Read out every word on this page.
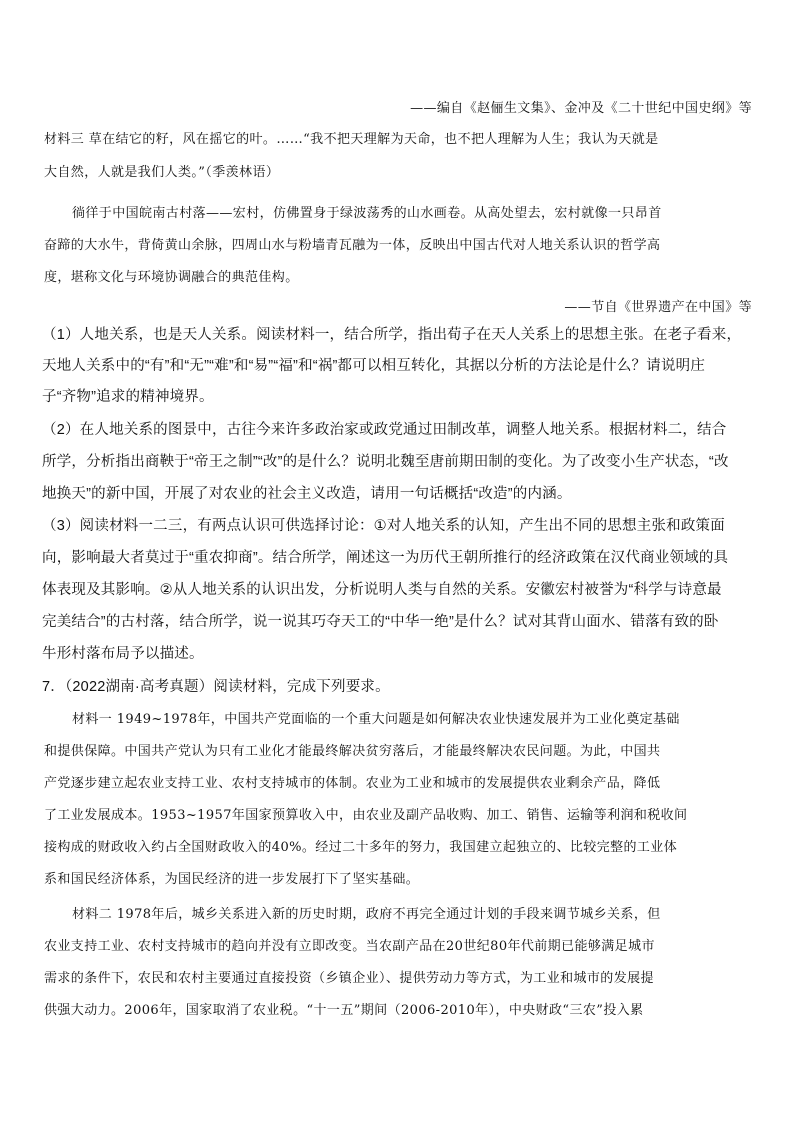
——编自《赵俪生文集》、金冲及《二十世纪中国史纲》等
材料三 草在结它的籽，风在摇它的叶。……“我不把天理解为天命，也不把人理解为人生；我认为天就是
大自然，人就是我们人类。”（季羡林语）
徜徉于中国皖南古村落——宏村，仿佛置身于绿波荡秀的山水画卷。从高处望去，宏村就像一只昂首
奋蹄的大水牛，背倚黄山余脉，四周山水与粉墙青瓦融为一体，反映出中国古代对人地关系认识的哲学高
度，堪称文化与环境协调融合的典范佳构。
——节自《世界遗产在中国》等
（1）人地关系，也是天人关系。阅读材料一，结合所学，指出荀子在天人关系上的思想主张。在老子看来，
天地人关系中的“有”和“无”“难”和“易”“福”和“祸”都可以相互转化，其据以分析的方法论是什么？请说明庄
子“齐物”追求的精神境界。
（2）在人地关系的图景中，古往今来许多政治家或政党通过田制改革，调整人地关系。根据材料二，结合
所学，分析指出商鞅于“帝王之制”“改”的是什么？说明北魏至唐前期田制的变化。为了改变小生产状态，“改
地换天”的新中国，开展了对农业的社会主义改造，请用一句话概括“改造”的内涵。
（3）阅读材料一二三，有两点认识可供选择讨论：①对人地关系的认知，产生出不同的思想主张和政策面
向，影响最大者莫过于“重农抑商”。结合所学，阐述这一为历代王朝所推行的经济政策在汉代商业领域的具
体表现及其影响。②从人地关系的认识出发，分析说明人类与自然的关系。安徽宏村被誉为“科学与诗意最
完美结合”的古村落，结合所学，说一说其巧夺天工的“中华一绝”是什么？试对其背山面水、错落有致的卧
牛形村落布局予以描述。
7．（2022湖南·高考真题）阅读材料，完成下列要求。
材料一 1949~1978年，中国共产党面临的一个重大问题是如何解决农业快速发展并为工业化奠定基础
和提供保障。中国共产党认为只有工业化才能最终解决贫穷落后，才能最终解决农民问题。为此，中国共
产党逐步建立起农业支持工业、农村支持城市的体制。农业为工业和城市的发展提供农业剩余产品，降低
了工业发展成本。1953~1957年国家预算收入中，由农业及副产品收购、加工、销售、运输等利润和税收间
接构成的财政收入约占全国财政收入的40%。经过二十多年的努力，我国建立起独立的、比较完整的工业体
系和国民经济体系，为国民经济的进一步发展打下了坚实基础。
材料二 1978年后，城乡关系进入新的历史时期，政府不再完全通过计划的手段来调节城乡关系，但
农业支持工业、农村支持城市的趋向并没有立即改变。当农副产品在20世纪80年代前期已能够满足城市
需求的条件下，农民和农村主要通过直接投资（乡镇企业）、提供劳动力等方式，为工业和城市的发展提
供强大动力。2006年，国家取消了农业税。“十一五”期间（2006-2010年），中央财政“三农”投入累
